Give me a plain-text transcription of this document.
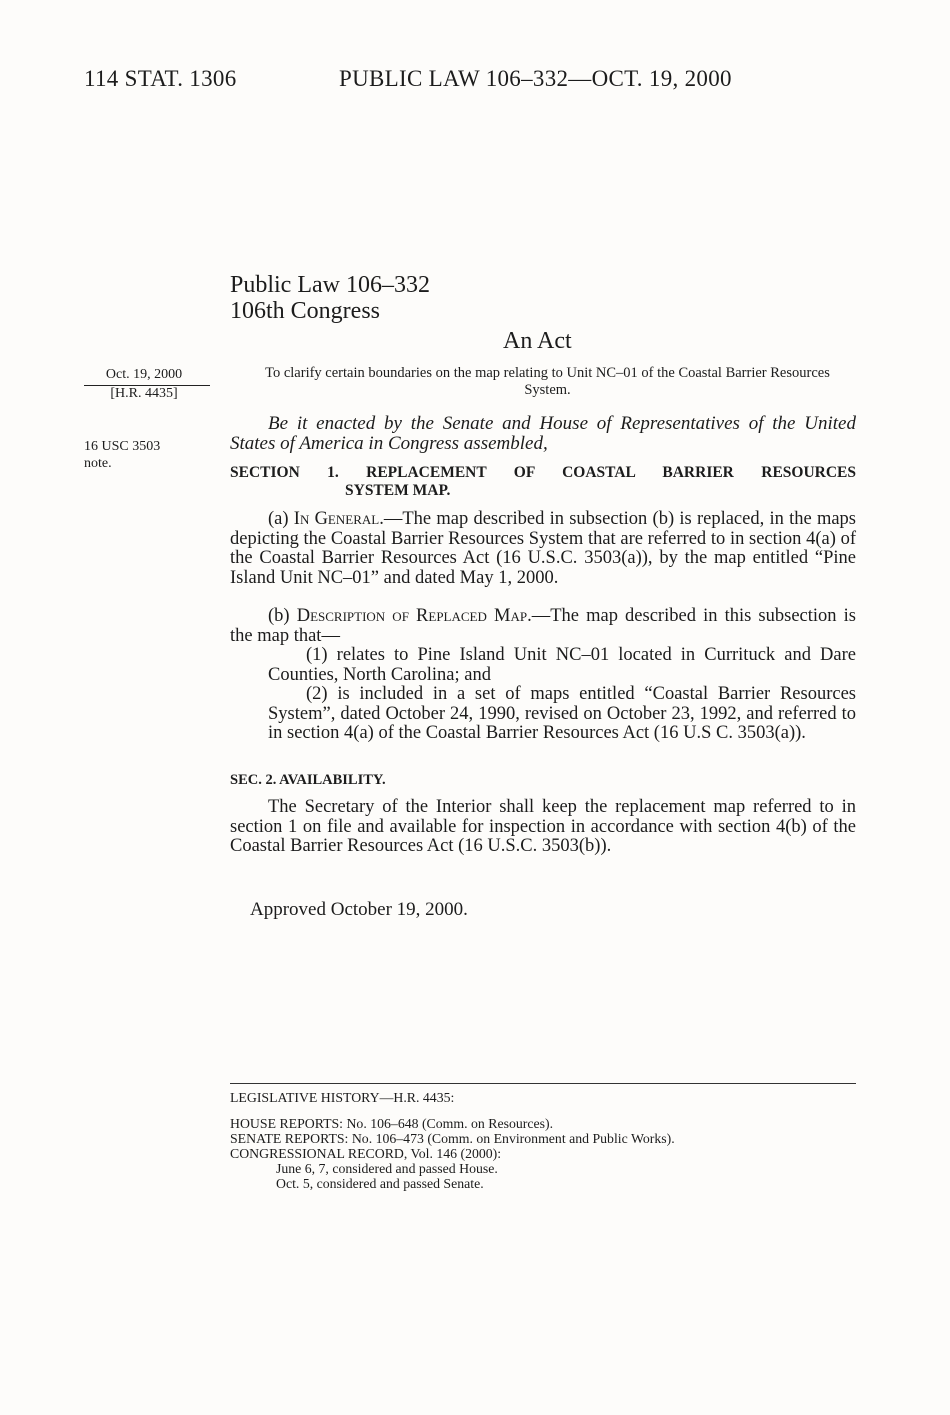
114 STAT. 1306	PUBLIC LAW 106–332—OCT. 19, 2000

Public Law 106–332
106th Congress
An Act
Oct. 19, 2000
[H.R. 4435]
16 USC 3503
note.
To clarify certain boundaries on the map relating to Unit NC–01 of the Coastal Barrier Resources System.
Be it enacted by the Senate and House of Representatives of the United States of America in Congress assembled,
SECTION 1. REPLACEMENT OF COASTAL BARRIER RESOURCES
SYSTEM MAP.
(a) In General.—The map described in subsection (b) is replaced, in the maps depicting the Coastal Barrier Resources System that are referred to in section 4(a) of the Coastal Barrier Resources Act (16 U.S.C. 3503(a)), by the map entitled “Pine Island Unit NC–01” and dated May 1, 2000.
(b) Description of Replaced Map.—The map described in this subsection is the map that—
(1) relates to Pine Island Unit NC–01 located in Currituck and Dare Counties, North Carolina; and
(2) is included in a set of maps entitled “Coastal Barrier Resources System”, dated October 24, 1990, revised on October 23, 1992, and referred to in section 4(a) of the Coastal Barrier Resources Act (16 U.S C. 3503(a)).
SEC. 2. AVAILABILITY.
The Secretary of the Interior shall keep the replacement map referred to in section 1 on file and available for inspection in accordance with section 4(b) of the Coastal Barrier Resources Act (16 U.S.C. 3503(b)).
Approved October 19, 2000.
LEGISLATIVE HISTORY—H.R. 4435:
HOUSE REPORTS: No. 106–648 (Comm. on Resources).
SENATE REPORTS: No. 106–473 (Comm. on Environment and Public Works).
CONGRESSIONAL RECORD, Vol. 146 (2000):
June 6, 7, considered and passed House.
Oct. 5, considered and passed Senate.
